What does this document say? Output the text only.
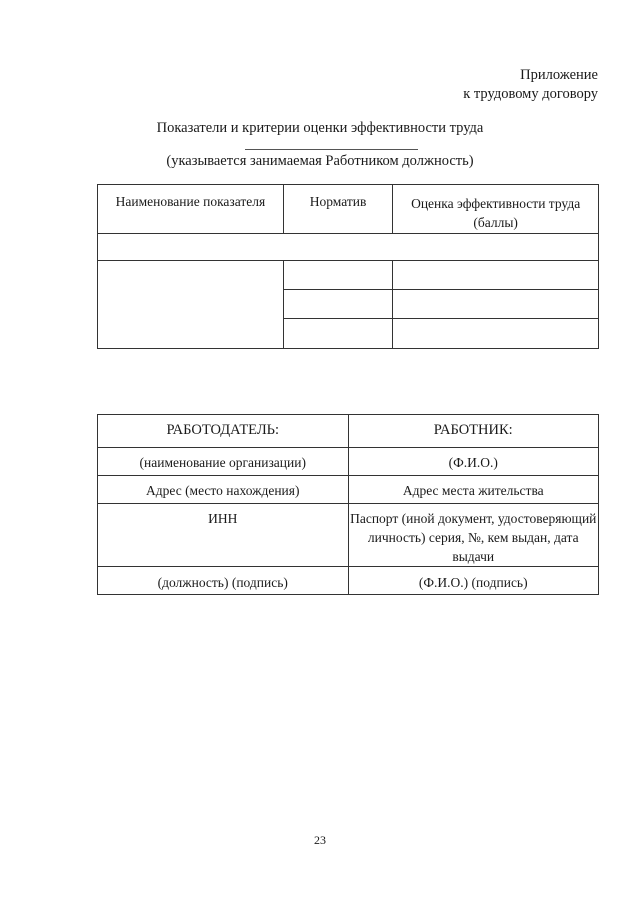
Приложение
к трудовому договору
Показатели и критерии оценки эффективности труда
(указывается занимаемая Работником должность)
Наименование показателя	Норматив	Оценка эффективности труда (баллы)

РАБОТОДАТЕЛЬ:	РАБОТНИК:
(наименование организации)	(Ф.И.О.)
Адрес (место нахождения)	Адрес места жительства
ИНН	Паспорт (иной документ, удостоверяющий личность) серия, №, кем выдан, дата выдачи
(должность) (подпись)	(Ф.И.О.) (подпись)
23
